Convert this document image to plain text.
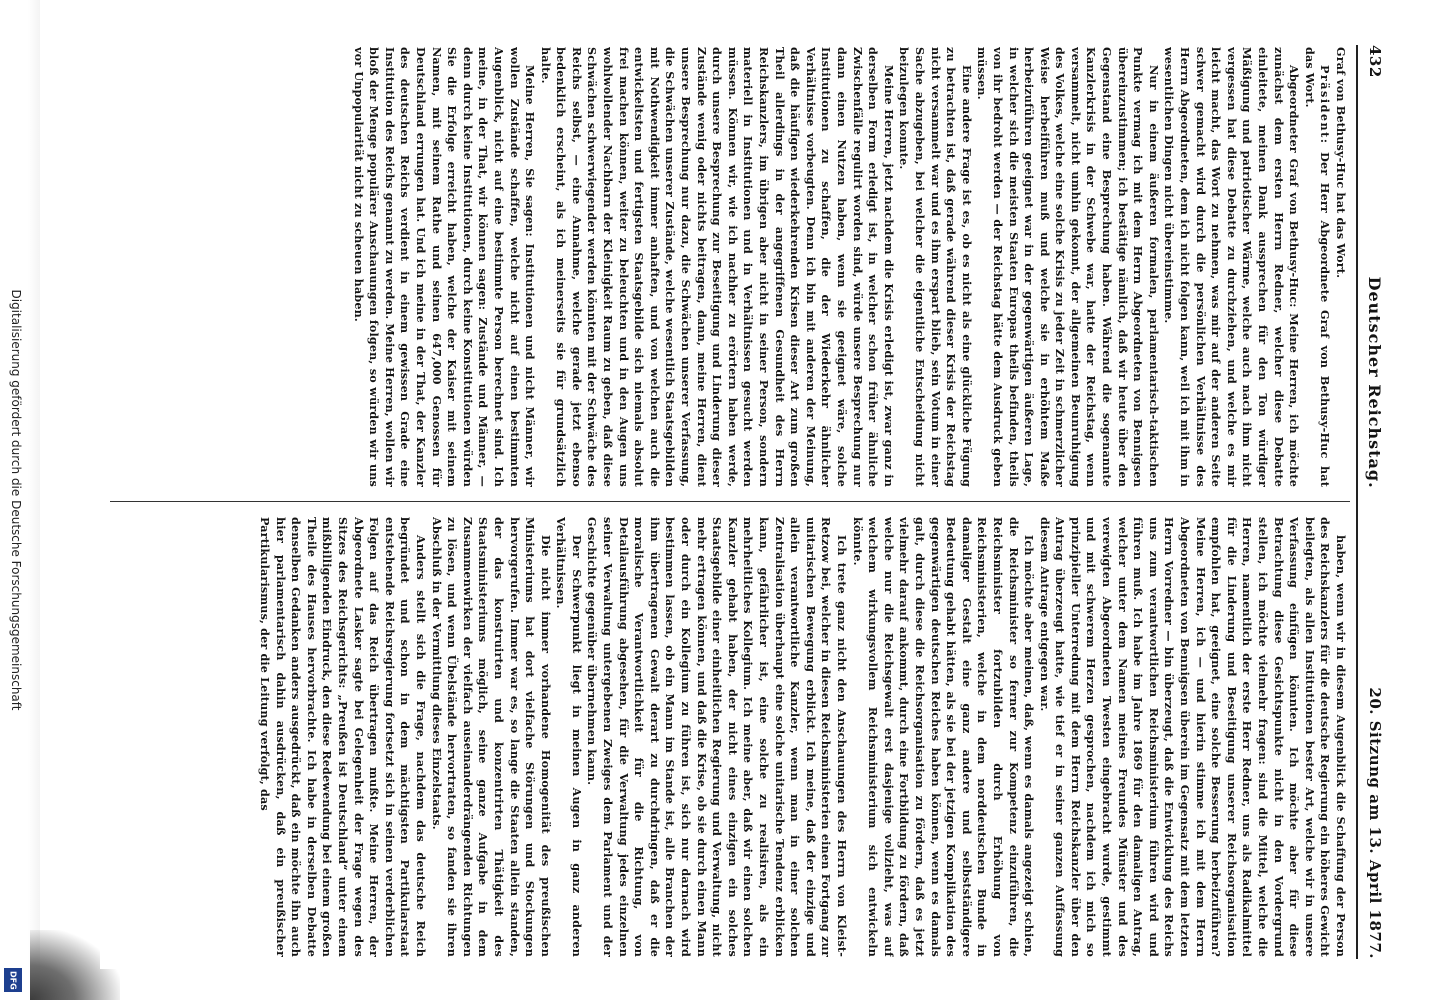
Digitalisierung gefördert durch die Deutsche Forschungsgemeinschaft
DFG
432
Deutscher Reichstag.
20. Sitzung am 13. April 1877.

Graf von Bethusy-Huc hat das Wort.

Präsident: Der Herr Abgeordnete Graf von Bethusy-Huc hat das Wort.

Abgeordneter Graf von Bethusy-Huc: Meine Herren, ich möchte zunächst dem ersten Herrn Redner, welcher diese Debatte einleitete, meinen Dank aussprechen für den Ton würdiger Mäßigung und patriotischer Wärme, welche auch nach ihm nicht vergessen hat diese Debatte zu durchziehen, und welche es mir leicht macht, das Wort zu nehmen, was mir auf der anderen Seite schwer gemacht wird durch die persönlichen Verhältnisse des Herrn Abgeordneten, dem ich nicht folgen kann, weil ich mit ihm in wesentlichen Dingen nicht übereinstimme.

Nur in einem äußeren formalen, parlamentarisch-taktischen Punkte vermag ich mit dem Herrn Abgeordneten von Bennigsen übereinzustimmen; ich bestätige nämlich, daß wir heute über den Gegenstand eine Besprechung haben. Während die sogenannte Kanzlerkrisis in der Schwebe war, hatte der Reichstag, wenn versammelt, nicht umhin gekonnt, der allgemeinen Beunruhigung des Volkes, welche eine solche Krisis zu jeder Zeit in schmerzlicher Weise herbeiführen muß und welche sie in erhöhtem Maße herbeizuführen geeignet war in der gegenwärtigen äußeren Lage, in welcher sich die meisten Staaten Europas theils befinden, theils von ihr bedroht werden — der Reichstag hätte dem Ausdruck geben müssen.

Eine andere Frage ist es, ob es nicht als eine glückliche Fügung zu betrachten ist, daß gerade während dieser Krisis der Reichstag nicht versammelt war und es ihm erspart blieb, sein Votum in einer Sache abzugeben, bei welcher die eigentliche Entscheidung nicht beizulegen konnte.

Meine Herren, jetzt nachdem die Krisis erledigt ist, zwar ganz in derselben Form erledigt ist, in welcher schon früher ähnliche Zwischenfälle regulirt worden sind, würde unsere Besprechung nur dann einen Nutzen haben, wenn sie geeignet wäre, solche Institutionen zu schaffen, die der Wiederkehr ähnlicher Verhältnisse vorbeugten. Denn ich bin mit anderen der Meinung, daß die häufigen wiederkehrenden Krisen dieser Art zum großen Theil allerdings in der angegriffenen Gesundheit des Herrn Reichskanzlers, im übrigen aber nicht in seiner Person, sondern materiell in Institutionen und in Verhältnissen gesucht werden müssen. Können wir, wie ich nachher zu erörtern haben werde, durch unsere Besprechung zur Beseitigung und Linderung dieser Zustände wenig oder nichts beitragen, dann, meine Herren, dient unsere Besprechung nur dazu, die Schwächen unserer Verfassung, die Schwächen unserer Zustände, welche wesentlich Staatsgebilden mit Nothwendigkeit immer anhaften, und von welchen auch die entwickeltsten und fertigsten Staatsgebilde sich niemals absolut frei machen können, weiter zu beleuchten und in den Augen uns wohlwollender Nachbarn der Kleinigkeit Raum zu geben, daß diese Schwächen schwerwiegender werden könnten mit der Schwäche des Reichs selbst, — eine Annahme, welche gerade jetzt ebenso bedenklich erscheint, als ich meinerseits sie für grundsätzlich halte.

Meine Herren, Sie sagen: Institutionen und nicht Männer, wir wollen Zustände schaffen, welche nicht auf einen bestimmten Augenblick, nicht auf eine bestimmte Person berechnet sind. Ich meine, in der That, wir können sagen: Zustände und Männer, — denn durch keine Institutionen, durch keine Konstitutionen würden Sie die Erfolge erreicht haben, welche der Kaiser mit seinem Namen, mit seinem Rathe und seinen 647,000 Genossen für Deutschland errungen hat. Und ich meine in der That, der Kanzler des deutschen Reichs verdient in einem gewissen Grade eine Institution des Reichs genannt zu werden. Meine Herren, wollen wir bloß der Menge populärer Anschauungen folgen, so würden wir uns vor Unpopularität nicht zu scheuen haben.

haben, wenn wir in diesem Augenblick die Schaffung der Person des Reichskanzlers für die deutsche Regierung ein höheres Gewicht beilegten, als allen Institutionen bester Art, welche wir in unsere Verfassung einfügen könnten. Ich möchte aber für diese Betrachtung diese Gesichtspunkte nicht in den Vordergrund stellen, ich möchte vielmehr fragen: sind die Mittel, welche die Herren, namentlich der erste Herr Redner, uns als Radikalmittel für die Linderung und Beseitigung unserer Reichsorganisation empfohlen hat, geeignet, eine solche Besserung herbeizuführen? Meine Herren, ich — und hierin stimme ich mit dem Herrn Abgeordneten von Bennigsen überein im Gegensatz mit dem letzten Herrn Vorredner — bin überzeugt, daß die Entwicklung des Reichs uns zum verantwortlichen Reichsministerium führen wird und führen muß. Ich habe im Jahre 1869 für den damaligen Antrag, welcher unter dem Namen meines Freundes Münster und des verewigten Abgeordneten Twesten eingebracht wurde, gestimmt und mit schwerem Herzen gesprochen, nachdem ich mich so prinzipieller Unterredung mit dem Herrn Reichskanzler über den Antrag überzeugt hatte, wie tief er in seiner ganzen Auffassung diesem Antrage entgegen war.

Ich möchte aber meinen, daß, wenn es damals angezeigt schien, die Reichsminister so ferner zur Kompetenz einzuführen, die Reichsminister fortzubilden durch Erhöhung von Reichsministerien, welche in dem norddeutschen Bunde in damaliger Gestalt eine ganz andere und selbstständigere Bedeutung gehabt hätten, als sie bei der jetzigen Komplikation des gegenwärtigen deutschen Reiches haben können, wenn es damals galt, durch diese die Reichsorganisation zu fördern, daß es jetzt vielmehr darauf ankommt, durch eine Fortbildung zu fördern, daß welche nur die Reichsgewalt erst dasjenige vollzieht, was auf welchem wirkungsvollem Reichsministerium sich entwickeln könnte.

Ich trete ganz nicht den Anschauungen des Herrn von Kleist-Retzow bei, welcher in diesen Reichsministerien einen Fortgang zur unitarischen Bewegung erblickt. Ich meine, daß der einzige und allein verantwortliche Kanzler, wenn man in einer solchen Zentralisation überhaupt eine solche unitarische Tendenz erblicken kann, gefährlicher ist, eine solche zu realisiren, als ein mehrheitliches Kollegium. Ich meine aber, daß wir einen solchen Kanzler gehabt haben, der nicht eines einzigen ein solches Staatsgebilde einer einheitlichen Regierung und Verwaltung, nicht mehr ertragen können, und daß die Krise, ob sie durch einen Mann oder durch ein Kollegium zu führen ist, sich nur darnach wird bestimmen lassen, ob ein Mann im Stande ist, alle Branchen der ihm übertragenen Gewalt derart zu durchdringen, daß er die moralische Verantwortlichkeit für die Richtung, von Detailausführung abgesehen, für die Verwaltung jedes einzelnen seiner Verwaltung untergebenen Zweiges dem Parlament und der Geschichte gegenüber übernehmen kann.

Der Schwerpunkt liegt in meinen Augen in ganz anderen Verhältnissen.

Die nicht immer vorhandene Homogenität des preußischen Ministeriums hat dort vielfache Störungen und Stockungen hervorgerufen. Immer war es, so lange die Staaten allein standen, der das konstruirten und konzentrirten Thätigkeit des Staatsministeriums möglich, seine ganze Aufgabe in dem Zusammenwirken der vielfach auseinanderdrängenden Richtungen zu lösen, und wenn Übelstände hervortraten, so fanden sie ihren Abschluß in der Vermittlung dieses Einzelstaats.

Anders stellt sich die Frage, nachdem das deutsche Reich begründet und schon in dem mächtigsten Partikularstaat entstehende Reichsregierung fortsetzt sich in seinen verderblichen Folgen auf das Reich übertragen mußte. Meine Herren, der Abgeordnete Lasker sagte bei Gelegenheit der Frage wegen des Sitzes des Reichsgerichts: „Preußen ist Deutschland“ unter einem mißbilligenden Eindruck, den diese Redewendung bei einem großen Theile des Hauses hervorbrachte. Ich habe in derselben Debatte denselben Gedanken anders ausgedrückt, daß ein möchte ihn auch hier parlamentarisch dahin ausdrücken, daß ein preußischer Partikularismus, der die Leitung verfolgt, das
